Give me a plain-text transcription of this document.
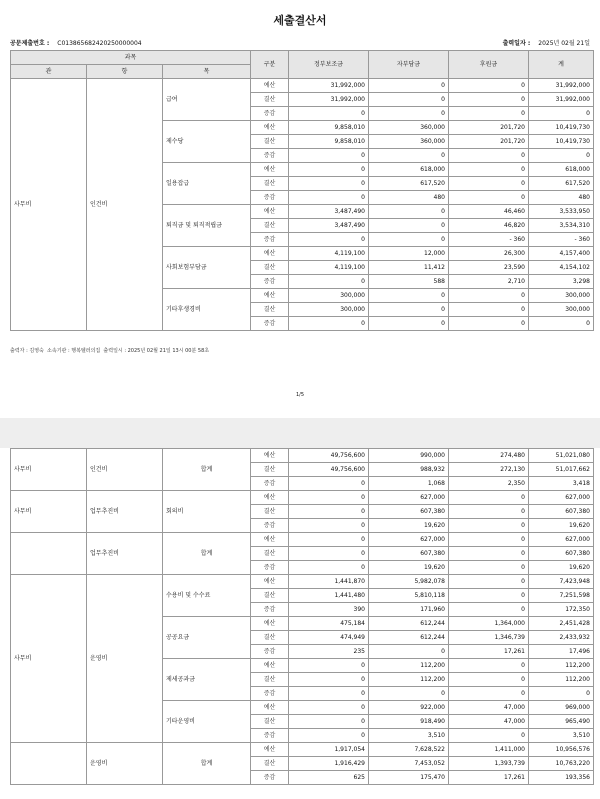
세출결산서
공문제출번호 : C013865682420250000004	출력일자 : 2025년 02월 21일
과목			구분	정부보조금	자부담금	후원금	계
관	항	목					
사무비	인건비	급여	예산	31,992,000	0	0	31,992,000
			결산	31,992,000	0	0	31,992,000
			증감	0	0	0	0
		제수당	예산	9,858,010	360,000	201,720	10,419,730
			결산	9,858,010	360,000	201,720	10,419,730
			증감	0	0	0	0
		일용잡급	예산	0	618,000	0	618,000
			결산	0	617,520	0	617,520
			증감	0	480	0	480
		퇴직금 및 퇴직적립금	예산	3,487,490	0	46,460	3,533,950
			결산	3,487,490	0	46,820	3,534,310
			증감	0	0	- 360	- 360
		사회보험부담금	예산	4,119,100	12,000	26,300	4,157,400
			결산	4,119,100	11,412	23,590	4,154,102
			증감	0	588	2,710	3,298
		기타후생경비	예산	300,000	0	0	300,000
			결산	300,000	0	0	300,000
			증감	0	0	0	0
출력자 : 김영숙 소속기관 : 행복텔러의집 출력일시 : 2025년 02월 21일 13시 00분 58초
1/5
사무비	인건비	합계	예산	49,756,600	990,000	274,480	51,021,080
			결산	49,756,600	988,932	272,130	51,017,662
			증감	0	1,068	2,350	3,418
사무비	업무추진비	회의비	예산	0	627,000	0	627,000
			결산	0	607,380	0	607,380
			증감	0	19,620	0	19,620
	업무추진비	합계	예산	0	627,000	0	627,000
			결산	0	607,380	0	607,380
			증감	0	19,620	0	19,620
사무비	운영비	수용비 및 수수료	예산	1,441,870	5,982,078	0	7,423,948
			결산	1,441,480	5,810,118	0	7,251,598
			증감	390	171,960	0	172,350
		공공요금	예산	475,184	612,244	1,364,000	2,451,428
			결산	474,949	612,244	1,346,739	2,433,932
			증감	235	0	17,261	17,496
		제세공과금	예산	0	112,200	0	112,200
			결산	0	112,200	0	112,200
			증감	0	0	0	0
		기타운영비	예산	0	922,000	47,000	969,000
			결산	0	918,490	47,000	965,490
			증감	0	3,510	0	3,510
	운영비	합계	예산	1,917,054	7,628,522	1,411,000	10,956,576
			결산	1,916,429	7,453,052	1,393,739	10,763,220
			증감	625	175,470	17,261	193,356
